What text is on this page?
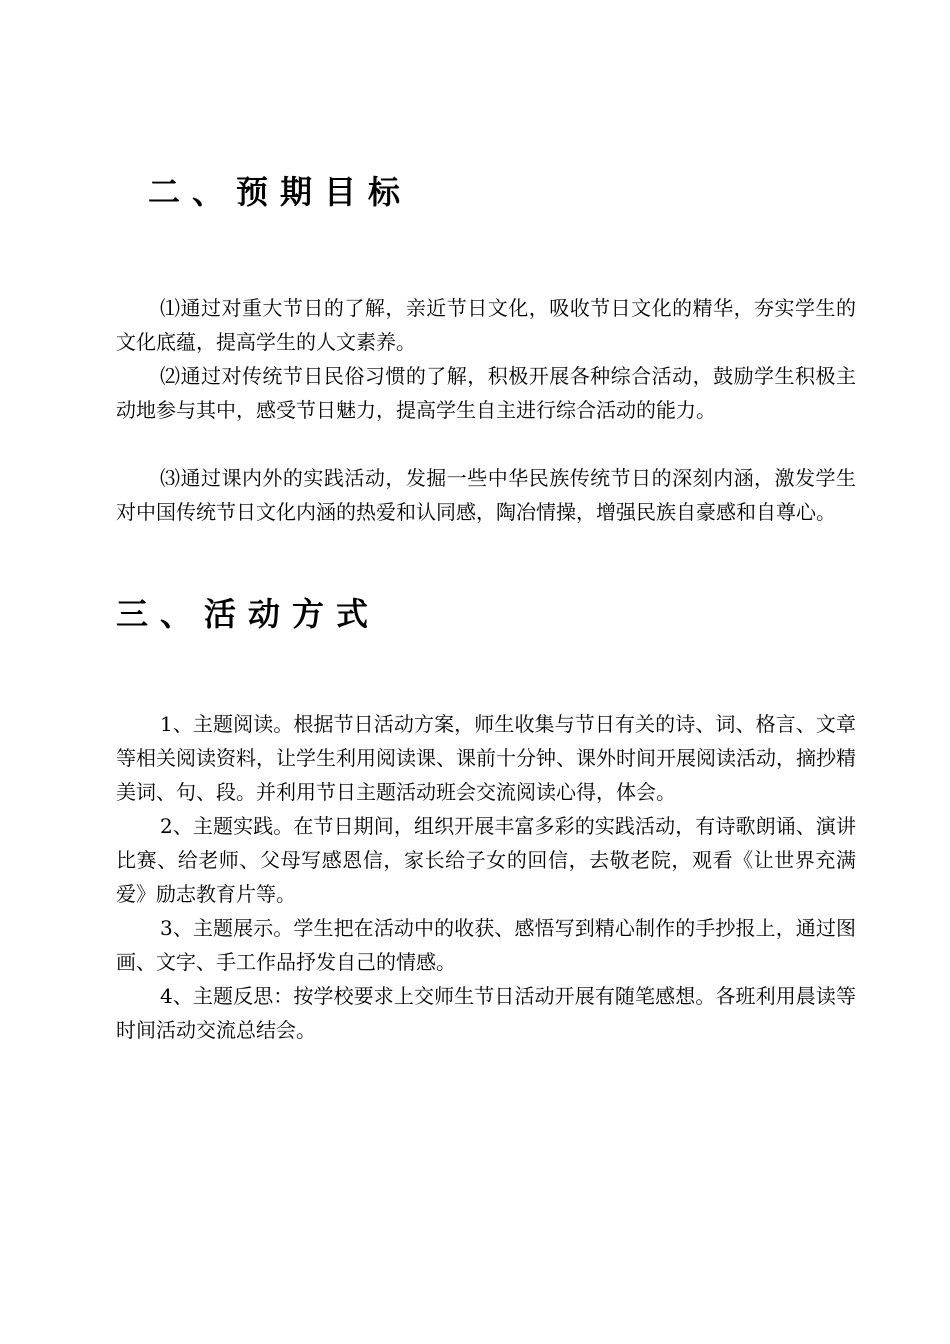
二、预期目标

⑴通过对重大节日的了解，亲近节日文化，吸收节日文化的精华，夯实学生的文化底蕴，提高学生的人文素养。

⑵通过对传统节日民俗习惯的了解，积极开展各种综合活动，鼓励学生积极主动地参与其中，感受节日魅力，提高学生自主进行综合活动的能力。

⑶通过课内外的实践活动，发掘一些中华民族传统节日的深刻内涵，激发学生对中国传统节日文化内涵的热爱和认同感，陶冶情操，增强民族自豪感和自尊心。

三、活动方式

1、主题阅读。根据节日活动方案，师生收集与节日有关的诗、词、格言、文章等相关阅读资料，让学生利用阅读课、课前十分钟、课外时间开展阅读活动，摘抄精美词、句、段。并利用节日主题活动班会交流阅读心得，体会。

2、主题实践。在节日期间，组织开展丰富多彩的实践活动，有诗歌朗诵、演讲比赛、给老师、父母写感恩信，家长给子女的回信，去敬老院，观看《让世界充满爱》励志教育片等。

3、主题展示。学生把在活动中的收获、感悟写到精心制作的手抄报上，通过图画、文字、手工作品抒发自己的情感。

4、主题反思：按学校要求上交师生节日活动开展有随笔感想。各班利用晨读等时间活动交流总结会。
